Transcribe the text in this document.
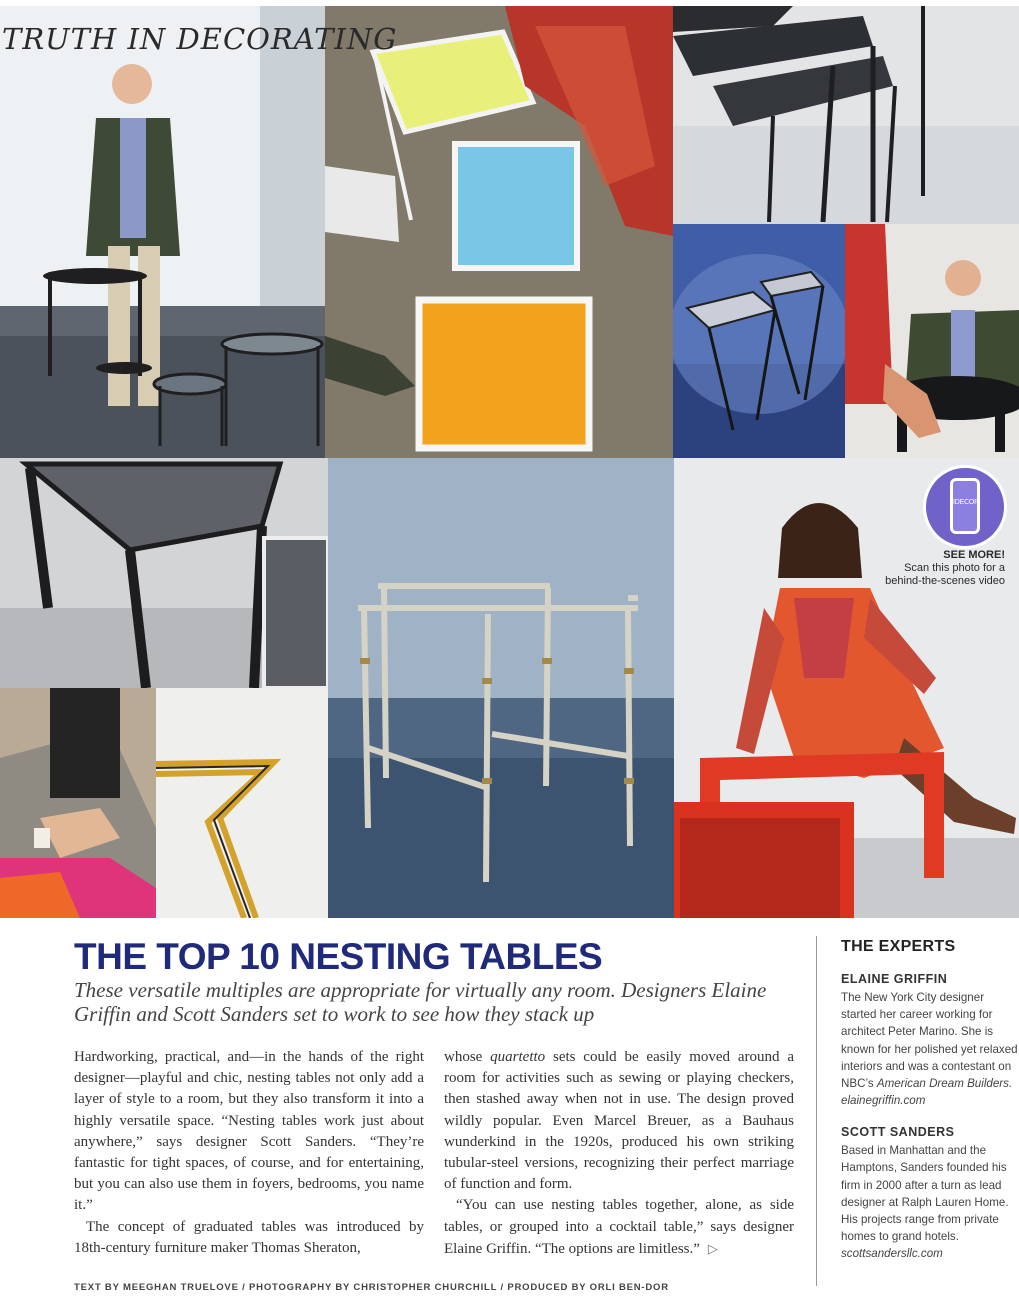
TRUTH IN DECORATING
IDECOR
SEE MORE!
Scan this photo for a behind-the-scenes video
THE TOP 10 NESTING TABLES

These versatile multiples are appropriate for virtually any room. Designers Elaine Griffin and Scott Sanders set to work to see how they stack up

Hardworking, practical, and—in the hands of the right designer—playful and chic, nesting tables not only add a layer of style to a room, but they also transform it into a highly versatile space. “Nesting tables work just about anywhere,” says designer Scott Sanders. “They’re fantastic for tight spaces, of course, and for entertaining, but you can also use them in foyers, bedrooms, you name it.”

The concept of graduated tables was introduced by 18th-century furniture maker Thomas Sheraton,

whose quartetto sets could be easily moved around a room for activities such as sewing or playing checkers, then stashed away when not in use. The design proved wildly popular. Even Marcel Breuer, as a Bauhaus wunderkind in the 1920s, produced his own striking tubular-steel versions, recognizing their perfect marriage of function and form.

“You can use nesting tables together, alone, as side tables, or grouped into a cocktail table,” says designer Elaine Griffin. “The options are limitless.” ▷

THE EXPERTS
ELAINE GRIFFIN
The New York City designer started her career working for architect Peter Marino. She is known for her polished yet relaxed interiors and was a contestant on NBC’s American Dream Builders.
elainegriffin.com
SCOTT SANDERS
Based in Manhattan and the Hamptons, Sanders founded his firm in 2000 after a turn as lead designer at Ralph Lauren Home. His projects range from private homes to grand hotels.
scottsandersllc.com
TEXT BY MEEGHAN TRUELOVE / PHOTOGRAPHY BY CHRISTOPHER CHURCHILL / PRODUCED BY ORLI BEN-DOR
